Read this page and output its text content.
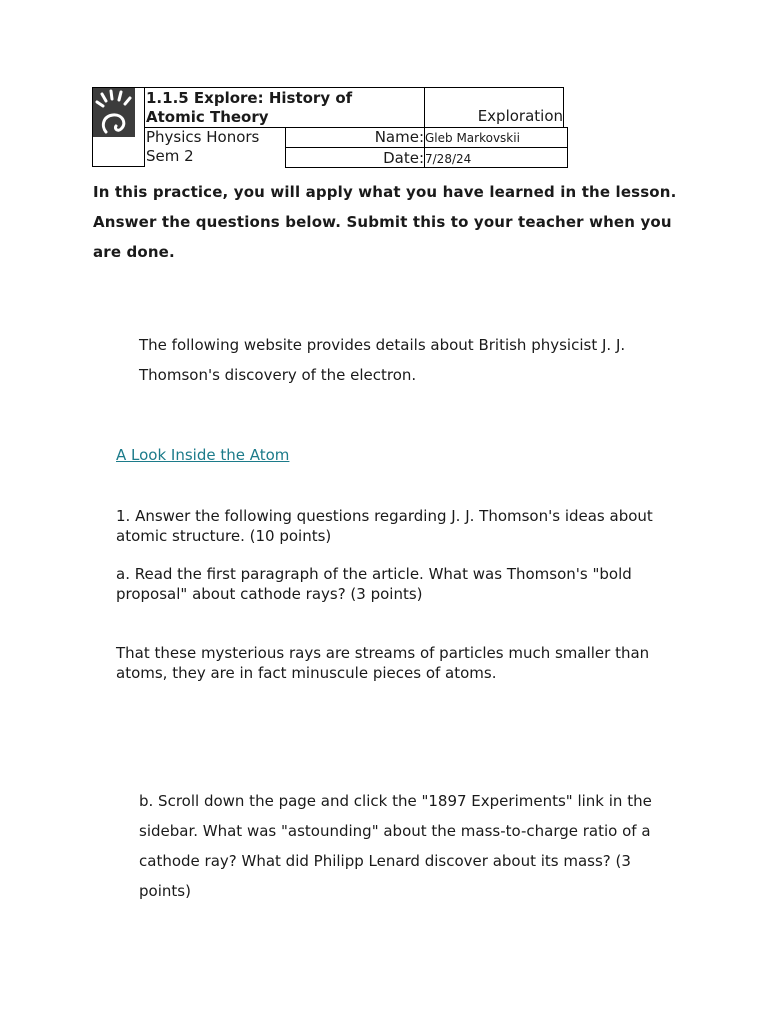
1.1.5 Explore: History of Atomic Theory	Exploration
Physics Honors
Sem 2
Name: Gleb Markovskii
Date: 7/28/24
In this practice, you will apply what you have learned in the lesson. Answer the questions below. Submit this to your teacher when you are done.
The following website provides details about British physicist J. J. Thomson's discovery of the electron.
A Look Inside the Atom
1. Answer the following questions regarding J. J. Thomson's ideas about atomic structure. (10 points)
a. Read the first paragraph of the article. What was Thomson's "bold proposal" about cathode rays? (3 points)
That these mysterious rays are streams of particles much smaller than atoms, they are in fact minuscule pieces of atoms.
b. Scroll down the page and click the "1897 Experiments" link in the sidebar. What was "astounding" about the mass-to-charge ratio of a cathode ray? What did Philipp Lenard discover about its mass? (3 points)
